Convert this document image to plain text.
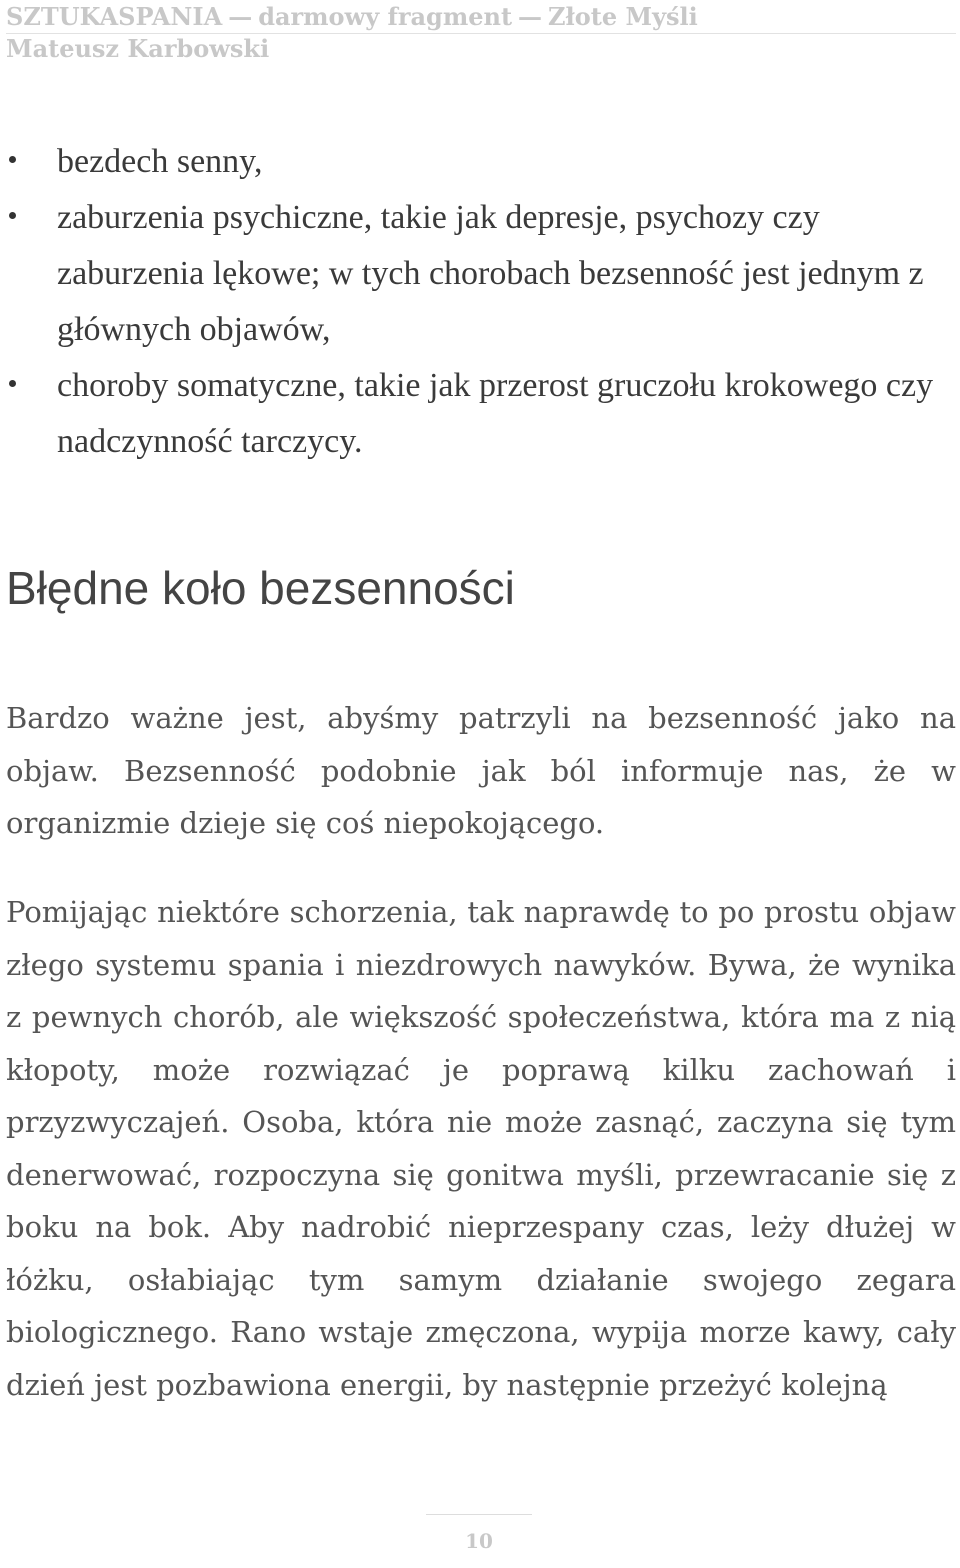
SZTUKASPANIA — darmowy fragment — Złote Myśli
Mateusz Karbowski
bezdech senny,
zaburzenia psychiczne, takie jak depresje, psychozy czy zaburzenia lękowe; w tych chorobach bezsenność jest jednym z głównych objawów,
choroby somatyczne, takie jak przerost gruczołu krokowego czy nadczynność tarczycy.
Błędne koło bezsenności
Bardzo ważne jest, abyśmy patrzyli na bezsenność jako na objaw. Bezsenność podobnie jak ból informuje nas, że w organizmie dzieje się coś niepokojącego.
Pomijając niektóre schorzenia, tak naprawdę to po prostu objaw złego systemu spania i niezdrowych nawyków. Bywa, że wynika z pewnych chorób, ale większość społeczeństwa, która ma z nią kłopoty, może rozwiązać je poprawą kilku zachowań i przyzwyczajeń. Osoba, która nie może zasnąć, zaczyna się tym denerwować, rozpoczyna się gonitwa myśli, przewracanie się z boku na bok. Aby nadrobić nieprzespany czas, leży dłużej w łóżku, osłabiając tym samym działanie swojego zegara biologicznego. Rano wstaje zmęczona, wypija morze kawy, cały dzień jest pozbawiona energii, by następnie przeżyć kolejną
10
